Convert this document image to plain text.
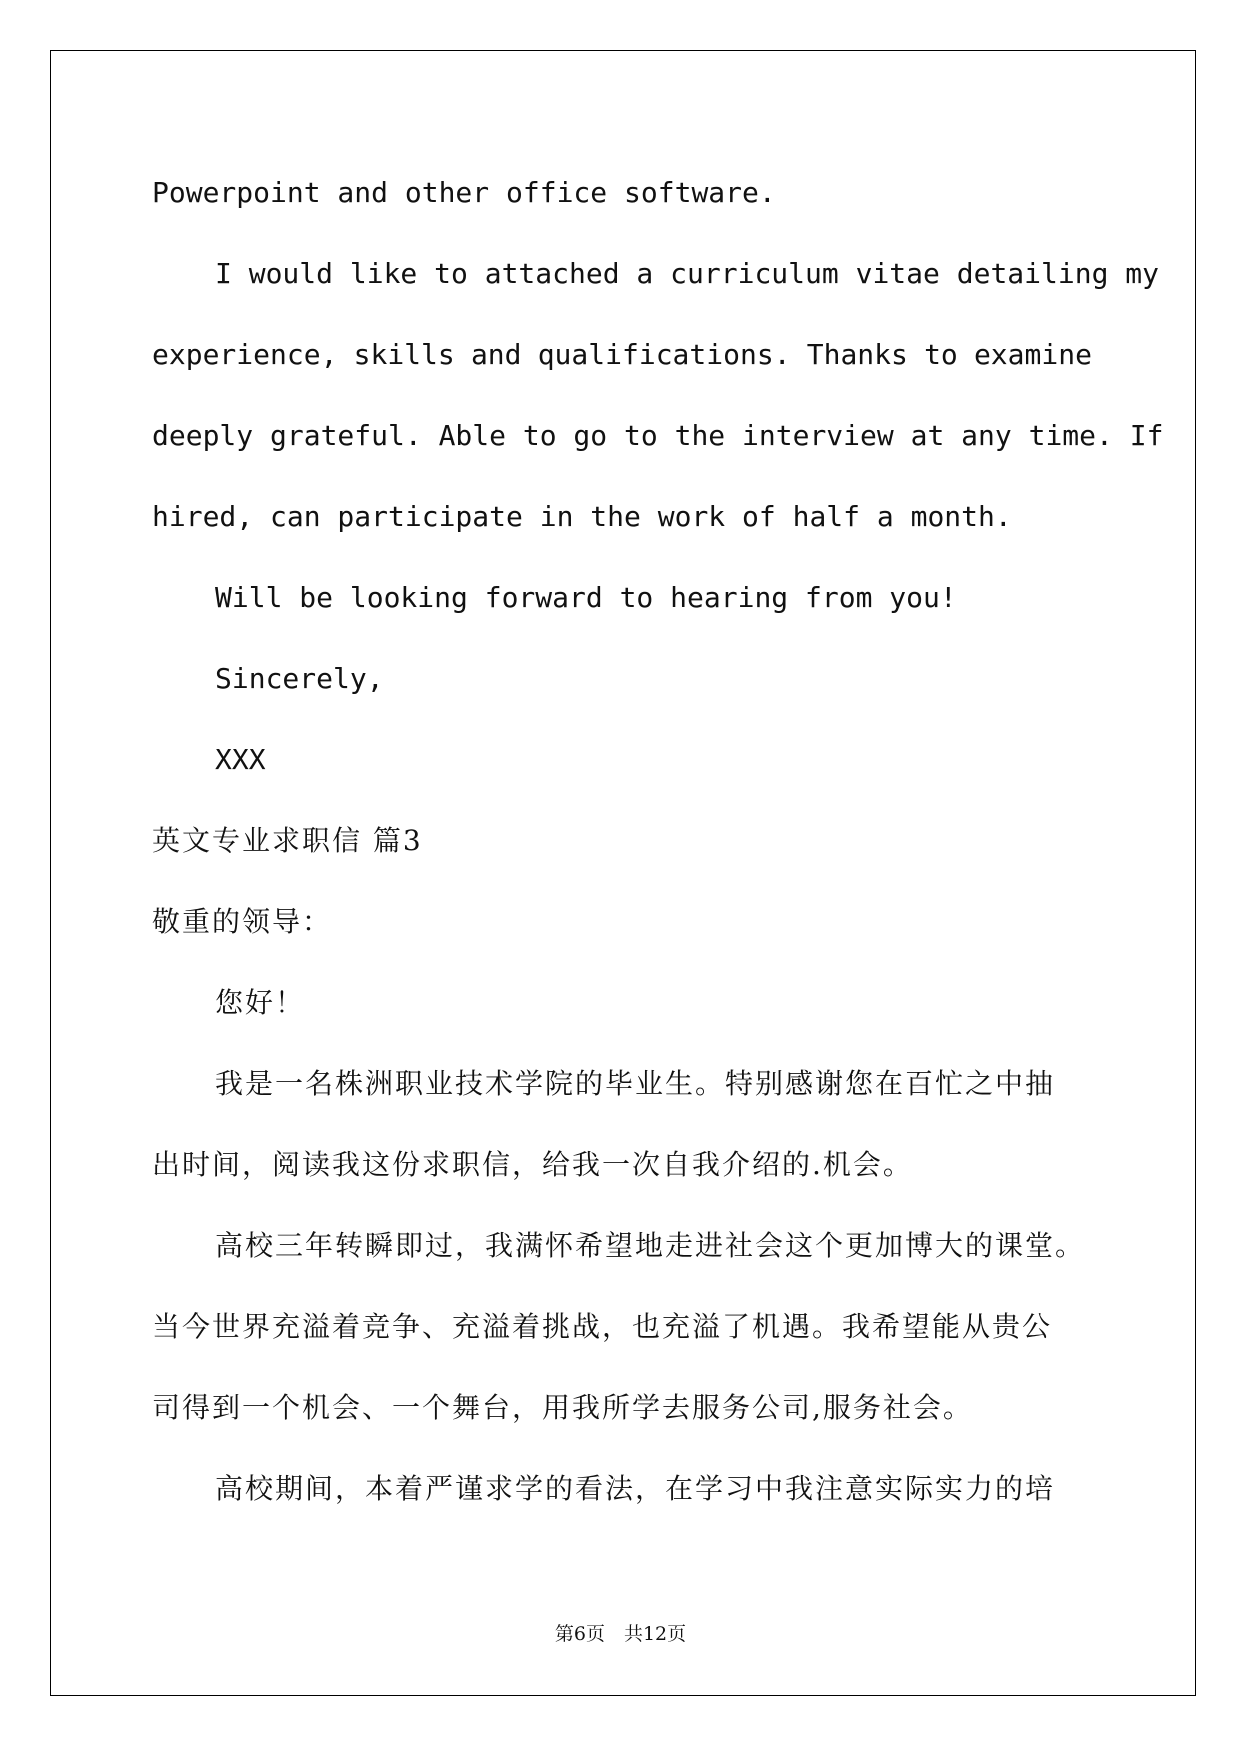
Powerpoint and other office software.
I would like to attached a curriculum vitae detailing my
experience, skills and qualifications. Thanks to examine
deeply grateful. Able to go to the interview at any time. If
hired, can participate in the work of half a month.
Will be looking forward to hearing from you!
Sincerely,
XXX
英文专业求职信 篇3
敬重的领导：
您好！
我是一名株洲职业技术学院的毕业生。特别感谢您在百忙之中抽
出时间，阅读我这份求职信，给我一次自我介绍的.机会。
高校三年转瞬即过，我满怀希望地走进社会这个更加博大的课堂。
当今世界充溢着竞争、充溢着挑战，也充溢了机遇。我希望能从贵公
司得到一个机会、一个舞台，用我所学去服务公司,服务社会。
高校期间，本着严谨求学的看法，在学习中我注意实际实力的培
第6页　共12页
